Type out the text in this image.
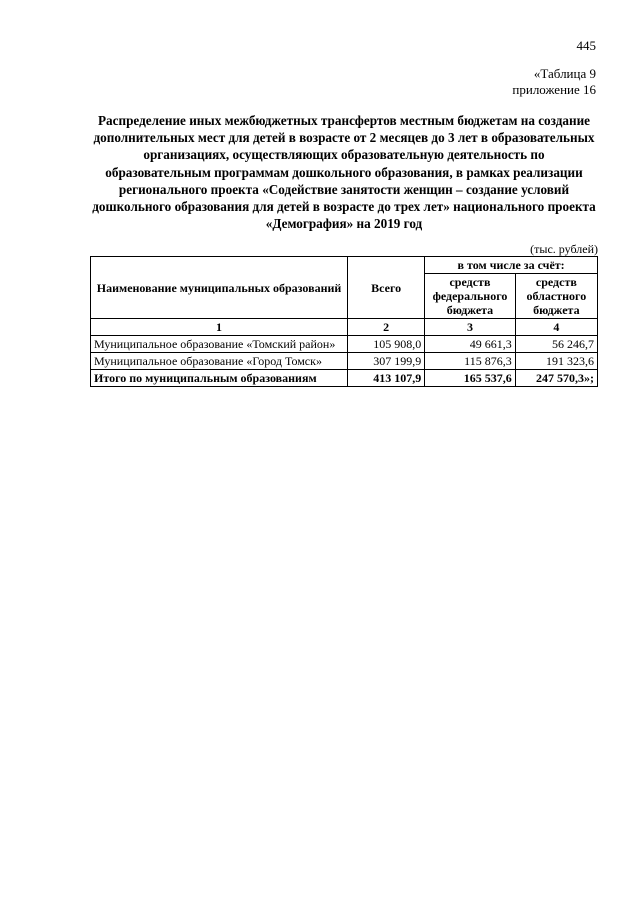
445
«Таблица 9
приложение 16
Распределение иных межбюджетных трансфертов местным бюджетам на создание дополнительных мест для детей в возрасте от 2 месяцев до 3 лет в образовательных организациях, осуществляющих образовательную деятельность по образовательным программам дошкольного образования, в рамках реализации регионального проекта «Содействие занятости женщин – создание условий дошкольного образования для детей в возрасте до трех лет» национального проекта «Демография» на 2019 год
(тыс. рублей)
Наименование муниципальных образований	Всего	в том числе за счёт:	
		средств федерального бюджета	средств областного бюджета
1	2	3	4
Муниципальное образование «Томский район»	105 908,0	49 661,3	56 246,7
Муниципальное образование «Город Томск»	307 199,9	115 876,3	191 323,6
Итого по муниципальным образованиям	413 107,9	165 537,6	247 570,3»;
